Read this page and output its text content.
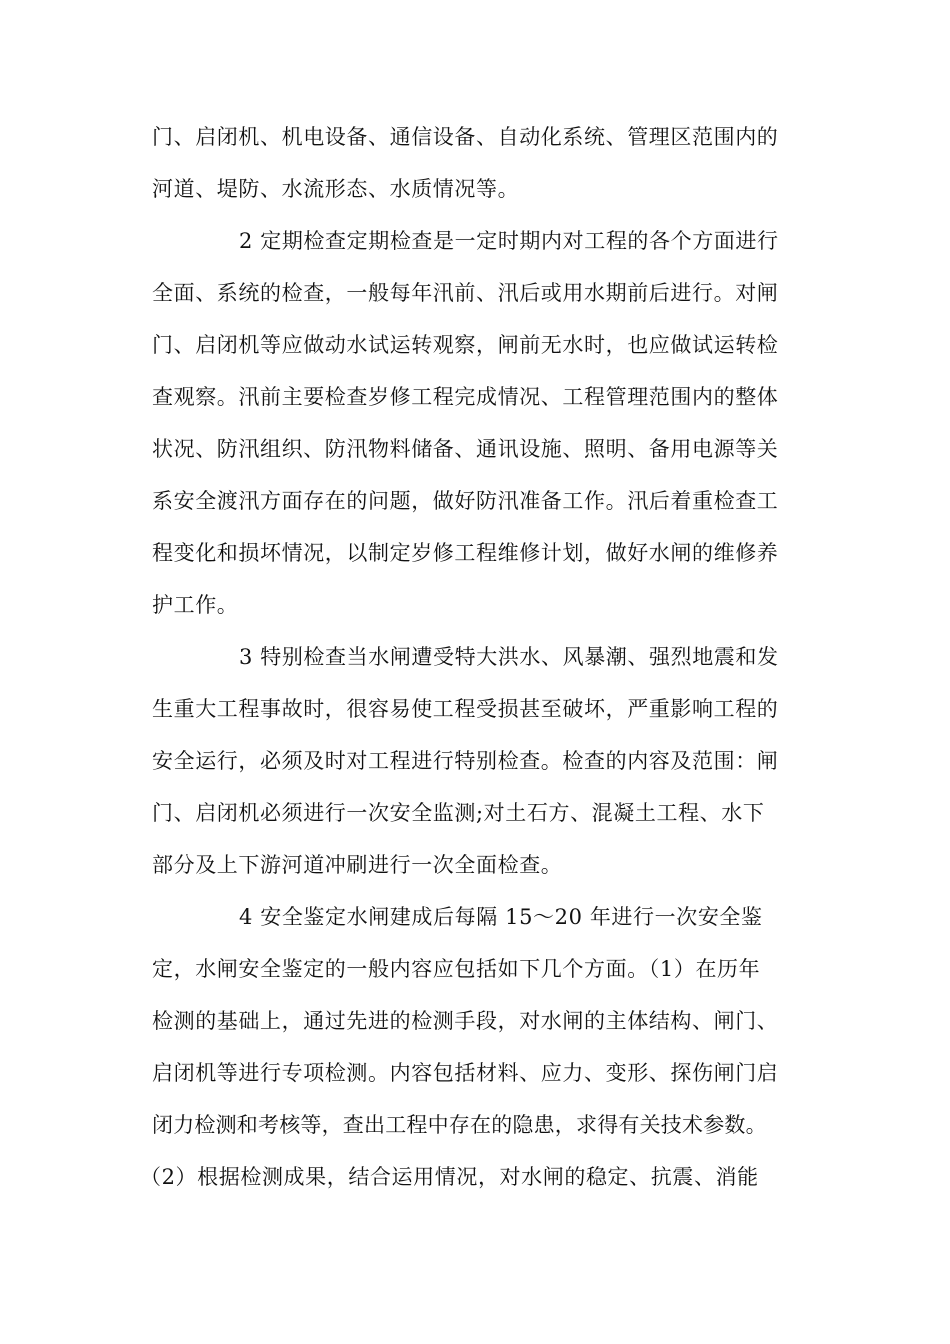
门、启闭机、机电设备、通信设备、自动化系统、管理区范围内的
河道、堤防、水流形态、水质情况等。
2 定期检查定期检查是一定时期内对工程的各个方面进行
全面、系统的检查，一般每年汛前、汛后或用水期前后进行。对闸
门、启闭机等应做动水试运转观察，闸前无水时，也应做试运转检
查观察。汛前主要检查岁修工程完成情况、工程管理范围内的整体
状况、防汛组织、防汛物料储备、通讯设施、照明、备用电源等关
系安全渡汛方面存在的问题，做好防汛准备工作。汛后着重检查工
程变化和损坏情况，以制定岁修工程维修计划，做好水闸的维修养
护工作。
3 特别检查当水闸遭受特大洪水、风暴潮、强烈地震和发
生重大工程事故时，很容易使工程受损甚至破坏，严重影响工程的
安全运行，必须及时对工程进行特别检查。检查的内容及范围：闸
门、启闭机必须进行一次安全监测;对土石方、混凝土工程、水下
部分及上下游河道冲刷进行一次全面检查。
4 安全鉴定水闸建成后每隔 15～20 年进行一次安全鉴
定，水闸安全鉴定的一般内容应包括如下几个方面。（1）在历年
检测的基础上，通过先进的检测手段，对水闸的主体结构、闸门、
启闭机等进行专项检测。内容包括材料、应力、变形、探伤闸门启
闭力检测和考核等，查出工程中存在的隐患，求得有关技术参数。
（2）根据检测成果，结合运用情况，对水闸的稳定、抗震、消能
